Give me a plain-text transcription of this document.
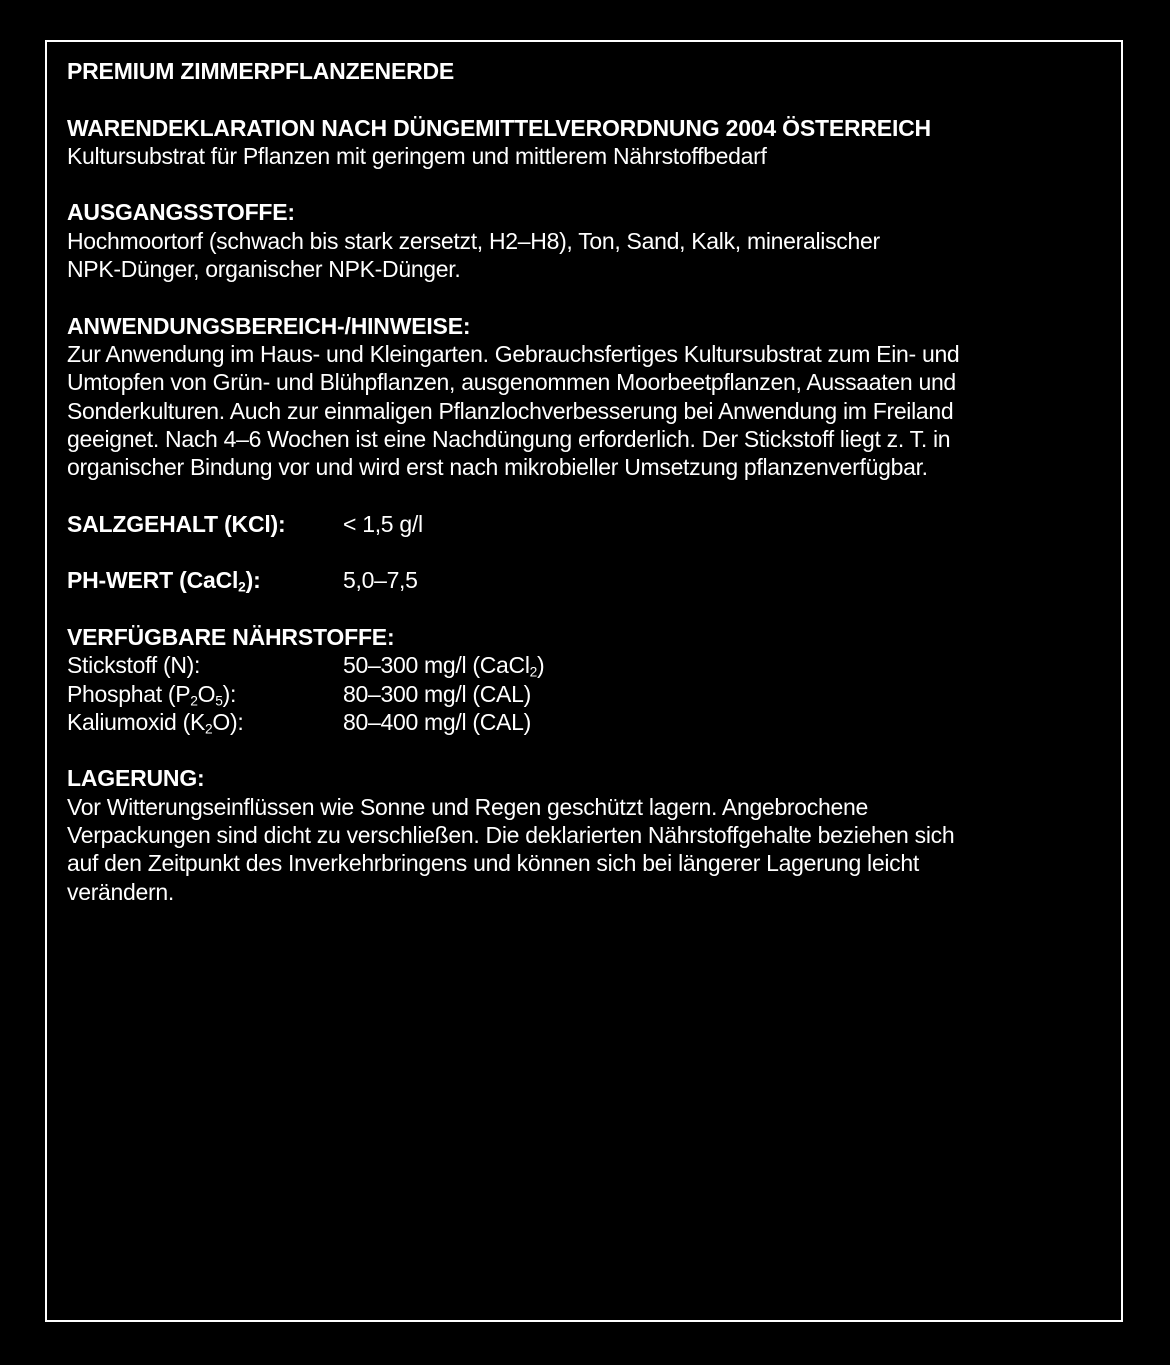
PREMIUM ZIMMERPFLANZENERDE
WARENDEKLARATION NACH DÜNGEMITTELVERORDNUNG 2004 ÖSTERREICH
Kultursubstrat für Pflanzen mit geringem und mittlerem Nährstoffbedarf
AUSGANGSSTOFFE:
Hochmoortorf (schwach bis stark zersetzt, H2–H8), Ton, Sand, Kalk, mineralischer
NPK-Dünger, organischer NPK-Dünger.
ANWENDUNGSBEREICH-/HINWEISE:
Zur Anwendung im Haus- und Kleingarten. Gebrauchsfertiges Kultursubstrat zum Ein- und
Umtopfen von Grün- und Blühpflanzen, ausgenommen Moorbeetpflanzen, Aussaaten und
Sonderkulturen. Auch zur einmaligen Pflanzlochverbesserung bei Anwendung im Freiland
geeignet. Nach 4–6 Wochen ist eine Nachdüngung erforderlich. Der Stickstoff liegt z. T. in
organischer Bindung vor und wird erst nach mikrobieller Umsetzung pflanzenverfügbar.
SALZGEHALT (KCl):	< 1,5 g/l
PH-WERT (CaCl$_2$):	5,0–7,5
VERFÜGBARE NÄHRSTOFFE:
Stickstoff (N):	50–300 mg/l (CaCl$_2$)
Phosphat $(P_2O_5)$:	80–300 mg/l (CAL)
Kaliumoxid $(K_2O)$:	80–400 mg/l (CAL)
LAGERUNG:
Vor Witterungseinflüssen wie Sonne und Regen geschützt lagern. Angebrochene
Verpackungen sind dicht zu verschließen. Die deklarierten Nährstoffgehalte beziehen sich
auf den Zeitpunkt des Inverkehrbringens und können sich bei längerer Lagerung leicht
verändern.
